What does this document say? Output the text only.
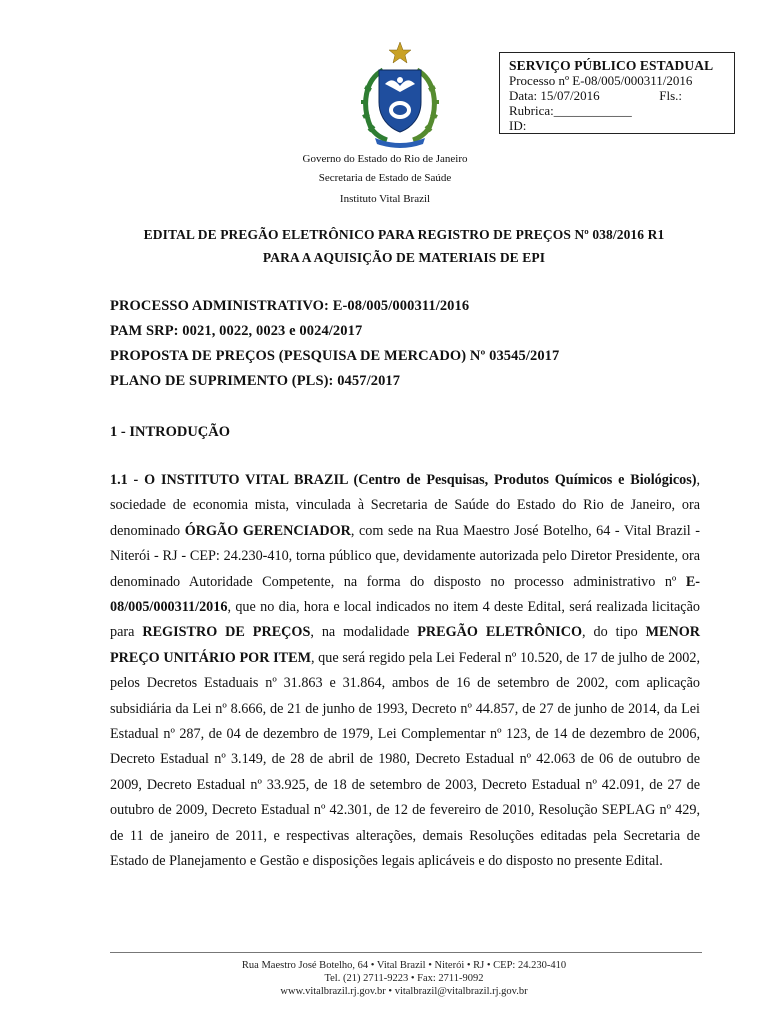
SERVIÇO PÚBLICO ESTADUAL
Processo nº E-08/005/000311/2016
Data: 15/07/2016	Fls.:
Rubrica:____________
ID:
Governo do Estado do Rio de Janeiro
Secretaria de Estado de Saúde
Instituto Vital Brazil
EDITAL DE PREGÃO ELETRÔNICO PARA REGISTRO DE PREÇOS Nº 038/2016 R1
PARA A AQUISIÇÃO DE MATERIAIS DE EPI
PROCESSO ADMINISTRATIVO: E-08/005/000311/2016
PAM SRP: 0021, 0022, 0023 e 0024/2017
PROPOSTA DE PREÇOS (PESQUISA DE MERCADO) Nº 03545/2017
PLANO DE SUPRIMENTO (PLS): 0457/2017
1 - INTRODUÇÃO
1.1 - O INSTITUTO VITAL BRAZIL (Centro de Pesquisas, Produtos Químicos e Biológicos), sociedade de economia mista, vinculada à Secretaria de Saúde do Estado do Rio de Janeiro, ora denominado ÓRGÃO GERENCIADOR, com sede na Rua Maestro José Botelho, 64 - Vital Brazil - Niterói - RJ - CEP: 24.230-410, torna público que, devidamente autorizada pelo Diretor Presidente, ora denominado Autoridade Competente, na forma do disposto no processo administrativo nº E-08/005/000311/2016, que no dia, hora e local indicados no item 4 deste Edital, será realizada licitação para REGISTRO DE PREÇOS, na modalidade PREGÃO ELETRÔNICO, do tipo MENOR PREÇO UNITÁRIO POR ITEM, que será regido pela Lei Federal nº 10.520, de 17 de julho de 2002, pelos Decretos Estaduais nº 31.863 e 31.864, ambos de 16 de setembro de 2002, com aplicação subsidiária da Lei nº 8.666, de 21 de junho de 1993, Decreto nº 44.857, de 27 de junho de 2014, da Lei Estadual nº 287, de 04 de dezembro de 1979, Lei Complementar nº 123, de 14 de dezembro de 2006, Decreto Estadual nº 3.149, de 28 de abril de 1980, Decreto Estadual nº 42.063 de 06 de outubro de 2009, Decreto Estadual nº 33.925, de 18 de setembro de 2003, Decreto Estadual nº 42.091, de 27 de outubro de 2009, Decreto Estadual nº 42.301, de 12 de fevereiro de 2010, Resolução SEPLAG nº 429, de 11 de janeiro de 2011, e respectivas alterações, demais Resoluções editadas pela Secretaria de Estado de Planejamento e Gestão e disposições legais aplicáveis e do disposto no presente Edital.
Rua Maestro José Botelho, 64 • Vital Brazil • Niterói • RJ • CEP: 24.230-410
Tel. (21) 2711-9223 • Fax: 2711-9092
www.vitalbrazil.rj.gov.br • vitalbrazil@vitalbrazil.rj.gov.br
